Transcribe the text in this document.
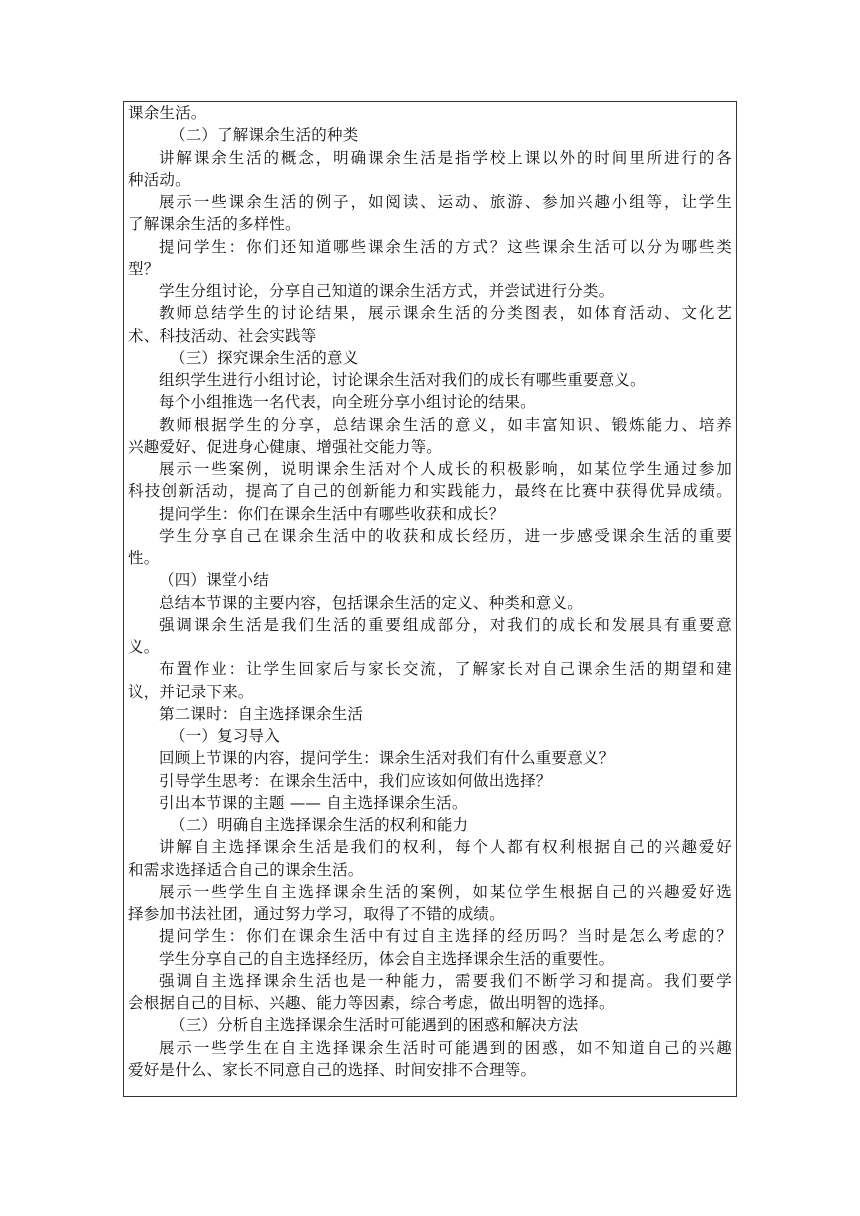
课余生活。
（二）了解课余生活的种类
讲解课余生活的概念，明确课余生活是指学校上课以外的时间里所进行的各
种活动。
展示一些课余生活的例子，如阅读、运动、旅游、参加兴趣小组等，让学生
了解课余生活的多样性。
提问学生：你们还知道哪些课余生活的方式？这些课余生活可以分为哪些类
型？
学生分组讨论，分享自己知道的课余生活方式，并尝试进行分类。
教师总结学生的讨论结果，展示课余生活的分类图表，如体育活动、文化艺
术、科技活动、社会实践等
（三）探究课余生活的意义
组织学生进行小组讨论，讨论课余生活对我们的成长有哪些重要意义。
每个小组推选一名代表，向全班分享小组讨论的结果。
教师根据学生的分享，总结课余生活的意义，如丰富知识、锻炼能力、培养
兴趣爱好、促进身心健康、增强社交能力等。
展示一些案例，说明课余生活对个人成长的积极影响，如某位学生通过参加
科技创新活动，提高了自己的创新能力和实践能力，最终在比赛中获得优异成绩。
提问学生：你们在课余生活中有哪些收获和成长？
学生分享自己在课余生活中的收获和成长经历，进一步感受课余生活的重要
性。
（四）课堂小结
总结本节课的主要内容，包括课余生活的定义、种类和意义。
强调课余生活是我们生活的重要组成部分，对我们的成长和发展具有重要意
义。
布置作业：让学生回家后与家长交流，了解家长对自己课余生活的期望和建
议，并记录下来。
第二课时：自主选择课余生活
（一）复习导入
回顾上节课的内容，提问学生：课余生活对我们有什么重要意义？
引导学生思考：在课余生活中，我们应该如何做出选择？
引出本节课的主题 —— 自主选择课余生活。
（二）明确自主选择课余生活的权利和能力
讲解自主选择课余生活是我们的权利，每个人都有权利根据自己的兴趣爱好
和需求选择适合自己的课余生活。
展示一些学生自主选择课余生活的案例，如某位学生根据自己的兴趣爱好选
择参加书法社团，通过努力学习，取得了不错的成绩。
提问学生：你们在课余生活中有过自主选择的经历吗？当时是怎么考虑的？
学生分享自己的自主选择经历，体会自主选择课余生活的重要性。
强调自主选择课余生活也是一种能力，需要我们不断学习和提高。我们要学
会根据自己的目标、兴趣、能力等因素，综合考虑，做出明智的选择。
（三）分析自主选择课余生活时可能遇到的困惑和解决方法
展示一些学生在自主选择课余生活时可能遇到的困惑，如不知道自己的兴趣
爱好是什么、家长不同意自己的选择、时间安排不合理等。
